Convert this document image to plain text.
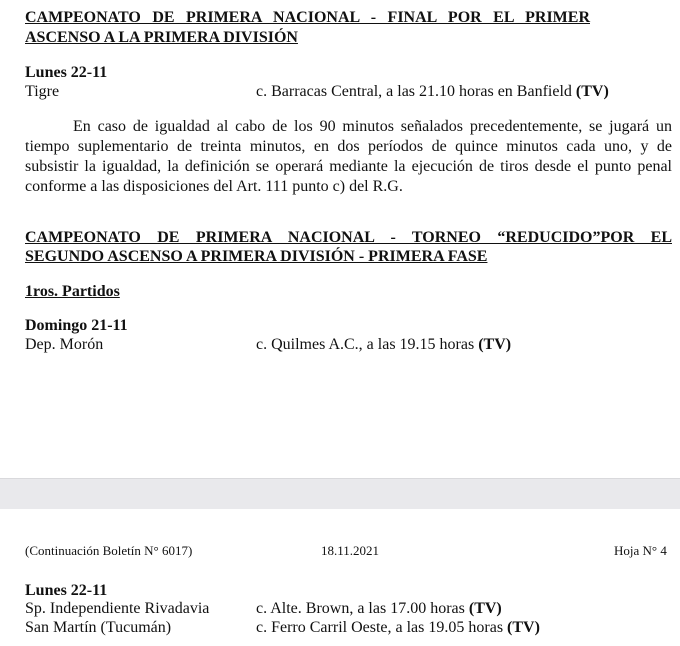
CAMPEONATO DE PRIMERA NACIONAL - FINAL POR EL PRIMER
ASCENSO A LA PRIMERA DIVISIÓN
Lunes 22-11
Tigre	c. Barracas Central, a las 21.10 horas en Banfield (TV)
En caso de igualdad al cabo de los 90 minutos señalados precedentemente, se jugará un
tiempo suplementario de treinta minutos, en dos períodos de quince minutos cada uno, y de
subsistir la igualdad, la definición se operará mediante la ejecución de tiros desde el punto penal
conforme a las disposiciones del Art. 111 punto c) del R.G.
CAMPEONATO DE PRIMERA NACIONAL - TORNEO “REDUCIDO”POR EL
SEGUNDO ASCENSO A PRIMERA DIVISIÓN - PRIMERA FASE
1ros. Partidos
Domingo 21-11
Dep. Morón	c. Quilmes A.C., a las 19.15 horas (TV)
(Continuación Boletín N° 6017)	18.11.2021	Hoja N° 4
Lunes 22-11
Sp. Independiente Rivadavia	c. Alte. Brown, a las 17.00 horas (TV)
San Martín (Tucumán)	c. Ferro Carril Oeste, a las 19.05 horas (TV)
